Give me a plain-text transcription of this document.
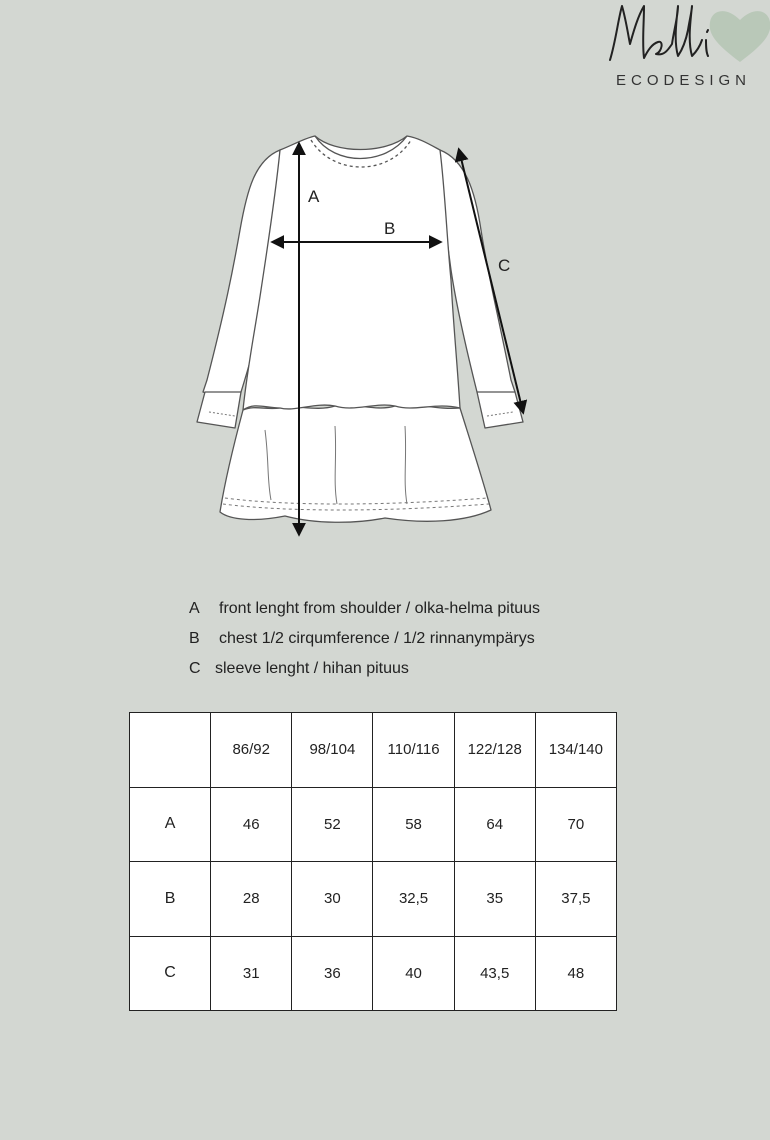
ECODESIGN
A
B
C
A	front lenght from shoulder / olka-helma pituus
B	chest 1/2 cirqumference / 1/2 rinnanympärys
C sleeve lenght / hihan pituus
	86/92	98/104	110/116	122/128	134/140
A	46	52	58	64	70
B	28	30	32,5	35	37,5
C	31	36	40	43,5	48
